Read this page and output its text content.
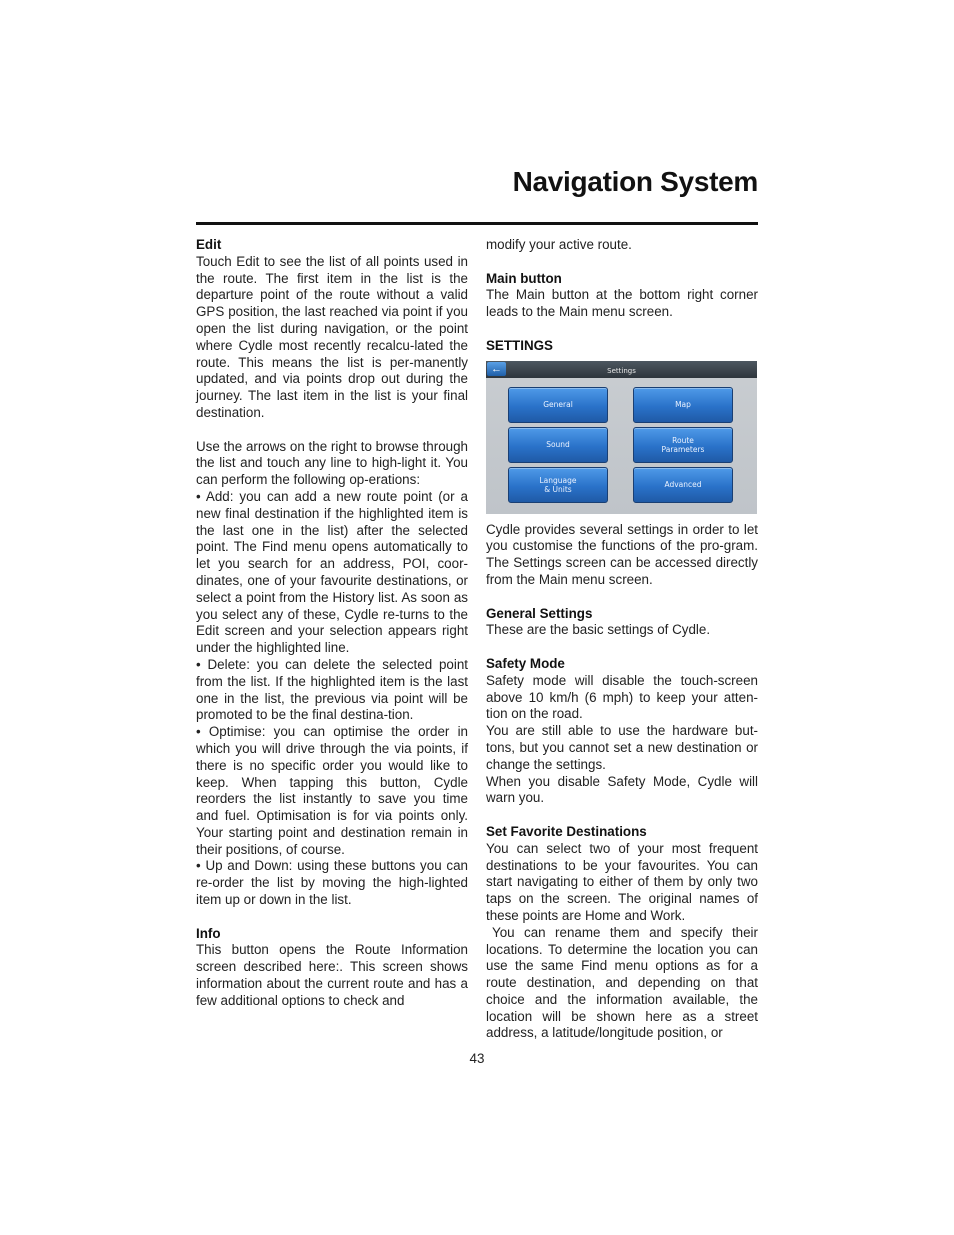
Navigation System
Edit

Touch Edit to see the list of all points used in the route. The first item in the list is the departure point of the route without a valid GPS position, the last reached via point if you open the list during navigation, or the point where Cydle most recently recalcu-lated the route. This means the list is per-manently updated, and via points drop out during the journey. The last item in the list is your final destination.

Use the arrows on the right to browse through the list and touch any line to high-light it. You can perform the following op-erations:

• Add: you can add a new route point (or a new final destination if the highlighted item is the last one in the list) after the selected point. The Find menu opens automatically to let you search for an address, POI, coor-dinates, one of your favourite destinations, or select a point from the History list. As soon as you select any of these, Cydle re-turns to the Edit screen and your selection appears right under the highlighted line.

• Delete: you can delete the selected point from the list. If the highlighted item is the last one in the list, the previous via point will be promoted to be the final destina-tion.

• Optimise: you can optimise the order in which you will drive through the via points, if there is no specific order you would like to keep. When tapping this button, Cydle reorders the list instantly to save you time and fuel. Optimisation is for via points only. Your starting point and destination remain in their positions, of course.

• Up and Down: using these buttons you can re-order the list by moving the high-lighted item up or down in the list.

Info

This button opens the Route Information screen described here:. This screen shows information about the current route and has a few additional options to check and

modify your active route.

Main button

The Main button at the bottom right corner leads to the Main menu screen.

SETTINGS
←	Settings
General	Map
Sound	Route
Parameters
Language
& Units	Advanced

Cydle provides several settings in order to let you customise the functions of the pro-gram. The Settings screen can be accessed directly from the Main menu screen.

General Settings

These are the basic settings of Cydle.

Safety Mode

Safety mode will disable the touch-screen above 10 km/h (6 mph) to keep your atten-tion on the road.

You are still able to use the hardware but-tons, but you cannot set a new destination or change the settings.

When you disable Safety Mode, Cydle will warn you.

Set Favorite Destinations

You can select two of your most frequent destinations to be your favourites. You can start navigating to either of them by only two taps on the screen. The original names of these points are Home and Work.

You can rename them and specify their locations. To determine the location you can use the same Find menu options as for a route destination, and depending on that choice and the information available, the location will be shown here as a street address, a latitude/longitude position, or

43
